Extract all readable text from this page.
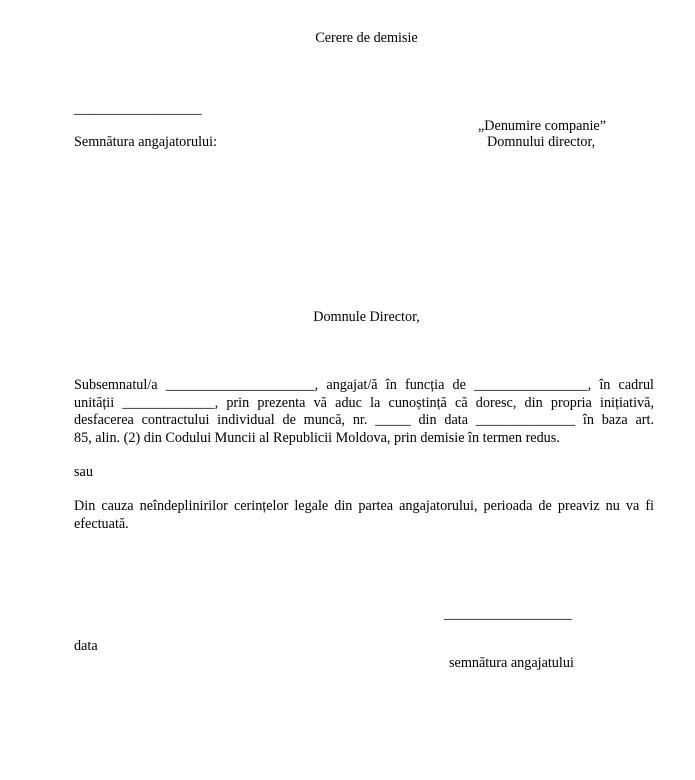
Cerere de demisie
__________________
Semnătura angajatorului:
„Denumire companie”
Domnului director,
Domnule Director,
Subsemnatul/a _____________________, angajat/ă în funcția de ________________, în cadrul
unității _____________, prin prezenta vă aduc la cunoștință că doresc, din propria inițiativă,
desfacerea contractului individual de muncă, nr. _____ din data ______________ în baza art.
85, alin. (2) din Codului Muncii al Republicii Moldova, prin demisie în termen redus.
sau
Din cauza neîndeplinirilor cerințelor legale din partea angajatorului, perioada de preaviz nu va fi
efectuată.
__________________
data
semnătura angajatului
